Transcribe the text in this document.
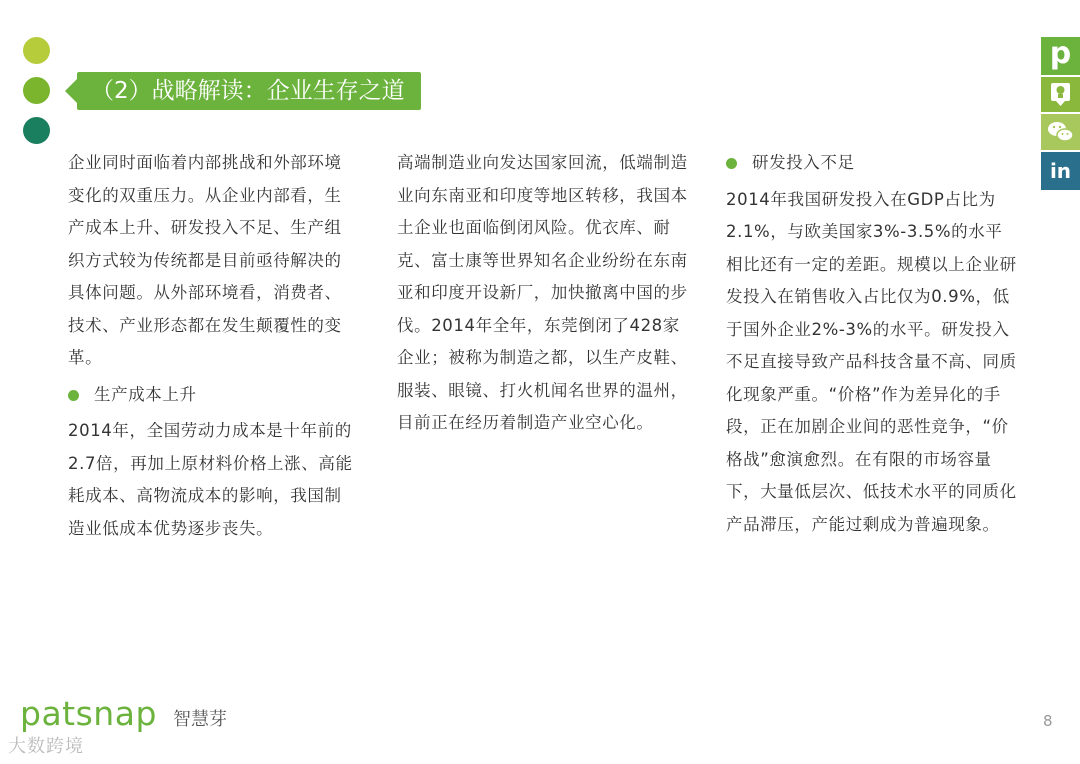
（2）战略解读：企业生存之道

企业同时面临着内部挑战和外部环境变化的双重压力。从企业内部看，生产成本上升、研发投入不足、生产组织方式较为传统都是目前亟待解决的具体问题。从外部环境看，消费者、技术、产业形态都在发生颠覆性的变革。

生产成本上升

2014年，全国劳动力成本是十年前的2.7倍，再加上原材料价格上涨、高能耗成本、高物流成本的影响，我国制造业低成本优势逐步丧失。

高端制造业向发达国家回流，低端制造业向东南亚和印度等地区转移，我国本土企业也面临倒闭风险。优衣库、耐克、富士康等世界知名企业纷纷在东南亚和印度开设新厂，加快撤离中国的步伐。2014年全年，东莞倒闭了428家企业；被称为制造之都，以生产皮鞋、服装、眼镜、打火机闻名世界的温州，目前正在经历着制造产业空心化。

研发投入不足

2014年我国研发投入在GDP占比为2.1%，与欧美国家3%-3.5%的水平相比还有一定的差距。规模以上企业研发投入在销售收入占比仅为0.9%，低于国外企业2%-3%的水平。研发投入不足直接导致产品科技含量不高、同质化现象严重。“价格”作为差异化的手段，正在加剧企业间的恶性竞争，“价格战”愈演愈烈。在有限的市场容量下，大量低层次、低技术水平的同质化产品滞压，产能过剩成为普遍现象。

p
in
patsnap 智慧芽
大数跨境
8
